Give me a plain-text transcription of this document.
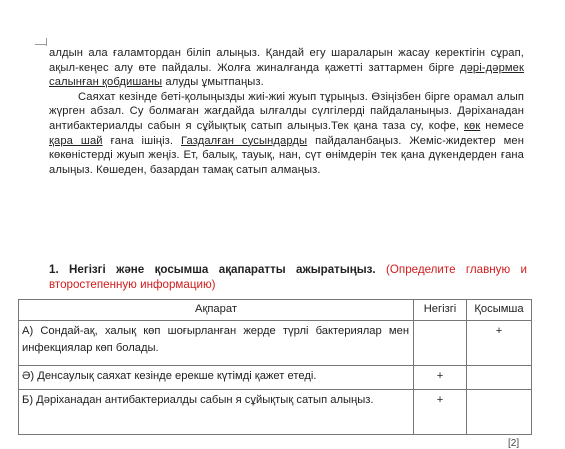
алдын ала ғаламтордан біліп алыңыз. Қандай егу шараларын жасау керектігін сұрап, ақыл-кеңес алу өте пайдалы. Жолға жиналғанда қажетті заттармен бірге дәрі-дәрмек салынған қобдишаны алуды ұмытпаңыз.

Саяхат кезінде беті-қолыңызды жиі-жиі жуып тұрыңыз. Өзіңізбен бірге орамал алып жүрген абзал. Су болмаған жағдайда ылғалды сүлгілерді пайдаланыңыз. Дәріханадан антибактериалды сабын я сұйықтық сатып алыңыз.Тек қана таза су, кофе, көк немесе қара шай ғана ішіңіз. Газдалған сусындарды пайдаланбаңыз. Жеміс-жидектер мен көкөністерді жуып жеңіз. Ет, балық, тауық, нан, сүт өнімдерін тек қана дүкендерден ғана алыңыз. Көшеден, базардан тамақ сатып алмаңыз.

1. Негізгі және қосымша ақапаратты ажыратыңыз. (Определите главную и второстепенную информацию)
Ақпарат	Негізгі	Қосымша
А) Сондай-ақ, халық көп шоғырланған жерде түрлі бактериялар мен инфекциялар көп болады.		+
Ә) Денсаулық саяхат кезінде ерекше күтімді қажет етеді.	+	
Б) Дәріханадан антибактериалды сабын я сұйықтық сатып алыңыз.	+	
[2]
